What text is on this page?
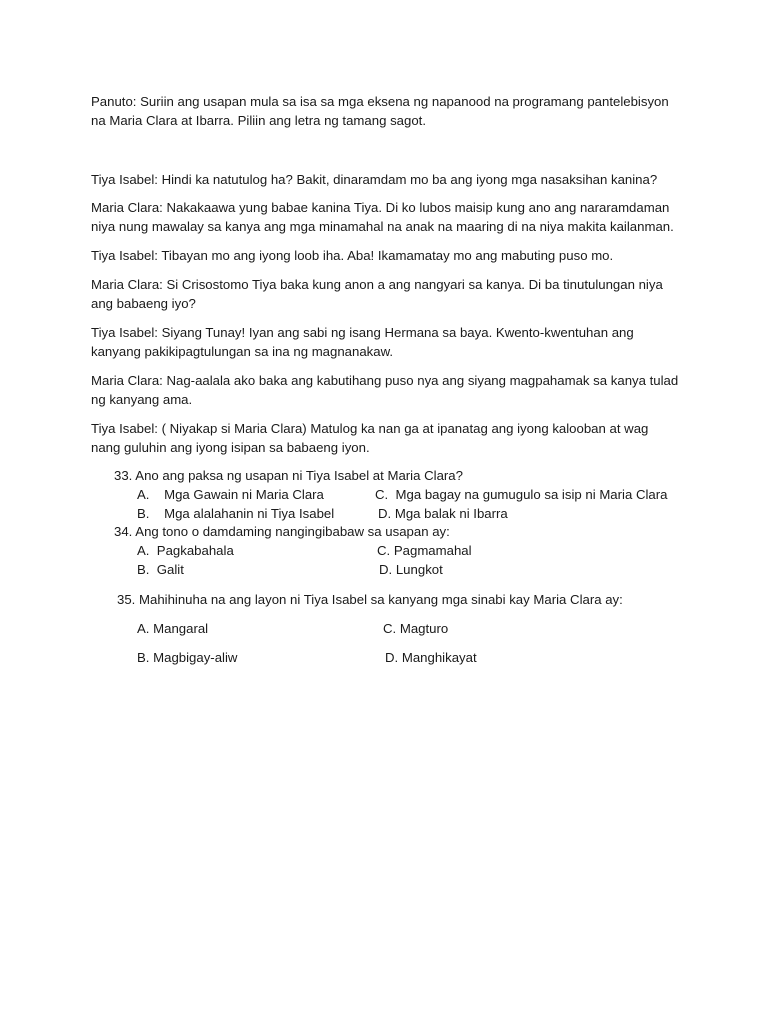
Panuto: Suriin ang usapan mula sa isa sa mga eksena ng napanood na programang pantelebisyon na Maria Clara at Ibarra. Piliin ang letra ng tamang sagot.

Tiya Isabel: Hindi ka natutulog ha? Bakit, dinaramdam mo ba ang iyong mga nasaksihan kanina?

Maria Clara: Nakakaawa yung babae kanina Tiya. Di ko lubos maisip kung ano ang nararamdaman niya nung mawalay sa kanya ang mga minamahal na anak na maaring di na niya makita kailanman.

Tiya Isabel: Tibayan mo ang iyong loob iha. Aba! Ikamamatay mo ang mabuting puso mo.

Maria Clara: Si Crisostomo Tiya baka kung anon a ang nangyari sa kanya. Di ba tinutulungan niya ang babaeng iyo?

Tiya Isabel: Siyang Tunay! Iyan ang sabi ng isang Hermana sa baya. Kwento-kwentuhan ang kanyang pakikipagtulungan sa ina ng magnanakaw.

Maria Clara: Nag-aalala ako baka ang kabutihang puso nya ang siyang magpahamak sa kanya tulad ng kanyang ama.

Tiya Isabel: ( Niyakap si Maria Clara) Matulog ka nan ga at ipanatag ang iyong kalooban at wag nang guluhin ang iyong isipan sa babaeng iyon.

33. Ano ang paksa ng usapan ni Tiya Isabel at Maria Clara?
A.    Mga Gawain ni Maria Clara	C.  Mga bagay na gumugulo sa isip ni Maria Clara
B.    Mga alalahanin ni Tiya Isabel	D. Mga balak ni Ibarra
34. Ang tono o damdaming nangingibabaw sa usapan ay:
A.  Pagkabahala	C. Pagmamahal
B.  Galit	D. Lungkot
35. Mahihinuha na ang layon ni Tiya Isabel sa kanyang mga sinabi kay Maria Clara ay:
A. Mangaral	C. Magturo
B. Magbigay-aliw	D. Manghikayat
